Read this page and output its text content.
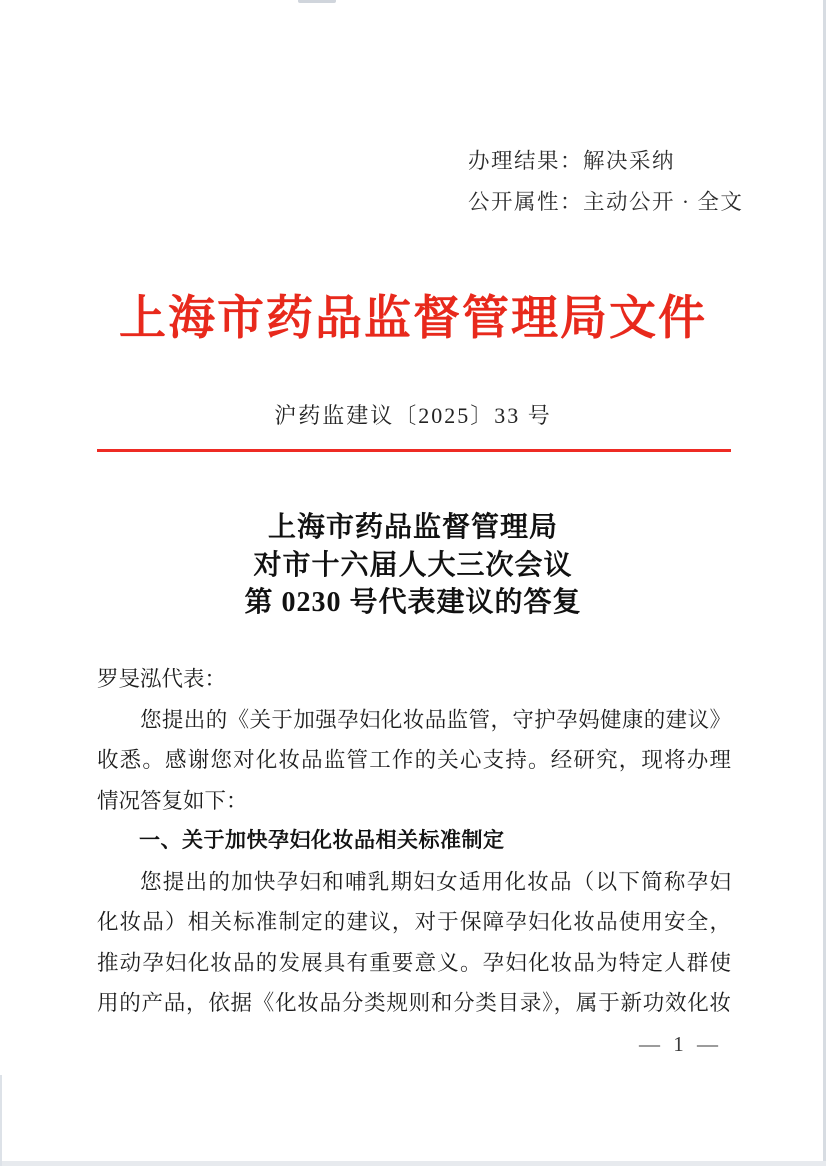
办理结果：解决采纳
公开属性：主动公开 · 全文
上海市药品监督管理局文件
沪药监建议〔2025〕33 号
上海市药品监督管理局
对市十六届人大三次会议
第 0230 号代表建议的答复
罗旻泓代表：
您提出的《关于加强孕妇化妆品监管，守护孕妈健康的建议》
收悉。感谢您对化妆品监管工作的关心支持。经研究，现将办理
情况答复如下：
一、关于加快孕妇化妆品相关标准制定
您提出的加快孕妇和哺乳期妇女适用化妆品（以下简称孕妇
化妆品）相关标准制定的建议，对于保障孕妇化妆品使用安全，
推动孕妇化妆品的发展具有重要意义。孕妇化妆品为特定人群使
用的产品，依据《化妆品分类规则和分类目录》，属于新功效化妆
— 1 —
